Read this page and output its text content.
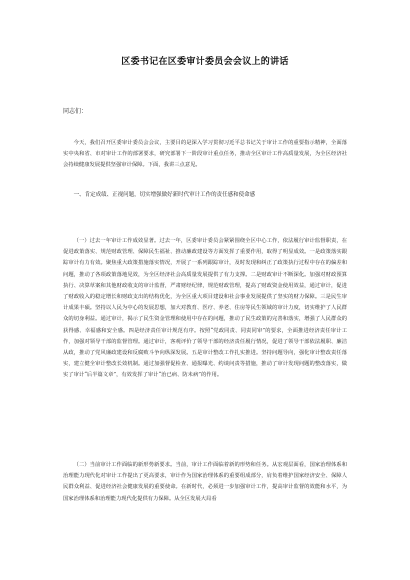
区委书记在区委审计委员会会议上的讲话
同志们：

今天，我们召开区委审计委员会会议，主要目的是深入学习贯彻习近平总书记关于审计工作的重要指示精神，全面落实中央和省、市对审计工作的部署要求，研究部署下一阶段审计重点任务，推动全区审计工作高质量发展，为全区经济社会持续健康发展提供坚强审计保障。下面，我讲三点意见。

一、肯定成绩、正视问题，切实增强做好新时代审计工作的责任感和使命感

（一）过去一年审计工作成效显著。过去一年，区委审计委员会紧紧围绕全区中心工作，依法履行审计监督职责，在促进政策落实、规范财政管理、保障民生福祉、推动廉政建设等方面发挥了重要作用，取得了明显成效。一是政策落实跟踪审计有力有效。聚焦重大政策措施落实情况，开展了一系列跟踪审计，及时发现和纠正了政策执行过程中存在的偏差和问题，推动了各项政策落地见效，为全区经济社会高质量发展提供了有力支撑。二是财政审计不断深化。加强对财政预算执行、决算草案和其他财政收支的审计监督，严肃财经纪律，规范财政管理，提高了财政资金使用效益，通过审计，促进了财政收入的稳定增长和财政支出的结构优化，为全区重大项目建设和社会事业发展提供了坚实的财力保障。三是民生审计成果丰硕。坚持以人民为中心的发展思想，加大对教育、医疗、养老、住房等民生领域的审计力度，切实维护了人民群众的切身利益。通过审计，揭示了民生资金管理和使用中存在的问题，推动了民生政策的完善和落实，增强了人民群众的获得感、幸福感和安全感。四是经济责任审计规范有序。按照“党政同责、同责同审”的要求，全面推进经济责任审计工作，加强对领导干部的监督管理。通过审计，客观评价了领导干部的经济责任履行情况，促进了领导干部依法履职、廉洁从政，推动了党风廉政建设和反腐败斗争向纵深发展。五是审计整改工作扎实推进。坚持问题导向，强化审计整改责任落实，建立健全审计整改长效机制。通过加强督促检查、通报曝光、约谈问责等措施，推动了审计发现问题的整改落实，做实了审计“后半篇文章”，有效发挥了审计“治已病、防未病”的作用。

（二）当前审计工作面临的新形势新要求。当前，审计工作面临着新的形势和任务。从宏观层面看，国家治理体系和治理能力现代化对审计工作提出了更高要求，审计作为国家治理体系的重要组成部分，肩负着维护国家经济安全、保障人民群众利益、促进经济社会健康发展的重要使命。在新时代，必须进一步加强审计工作，提高审计监督的效能和水平，为国家治理体系和治理能力现代化提供有力保障。从全区发展大局看
